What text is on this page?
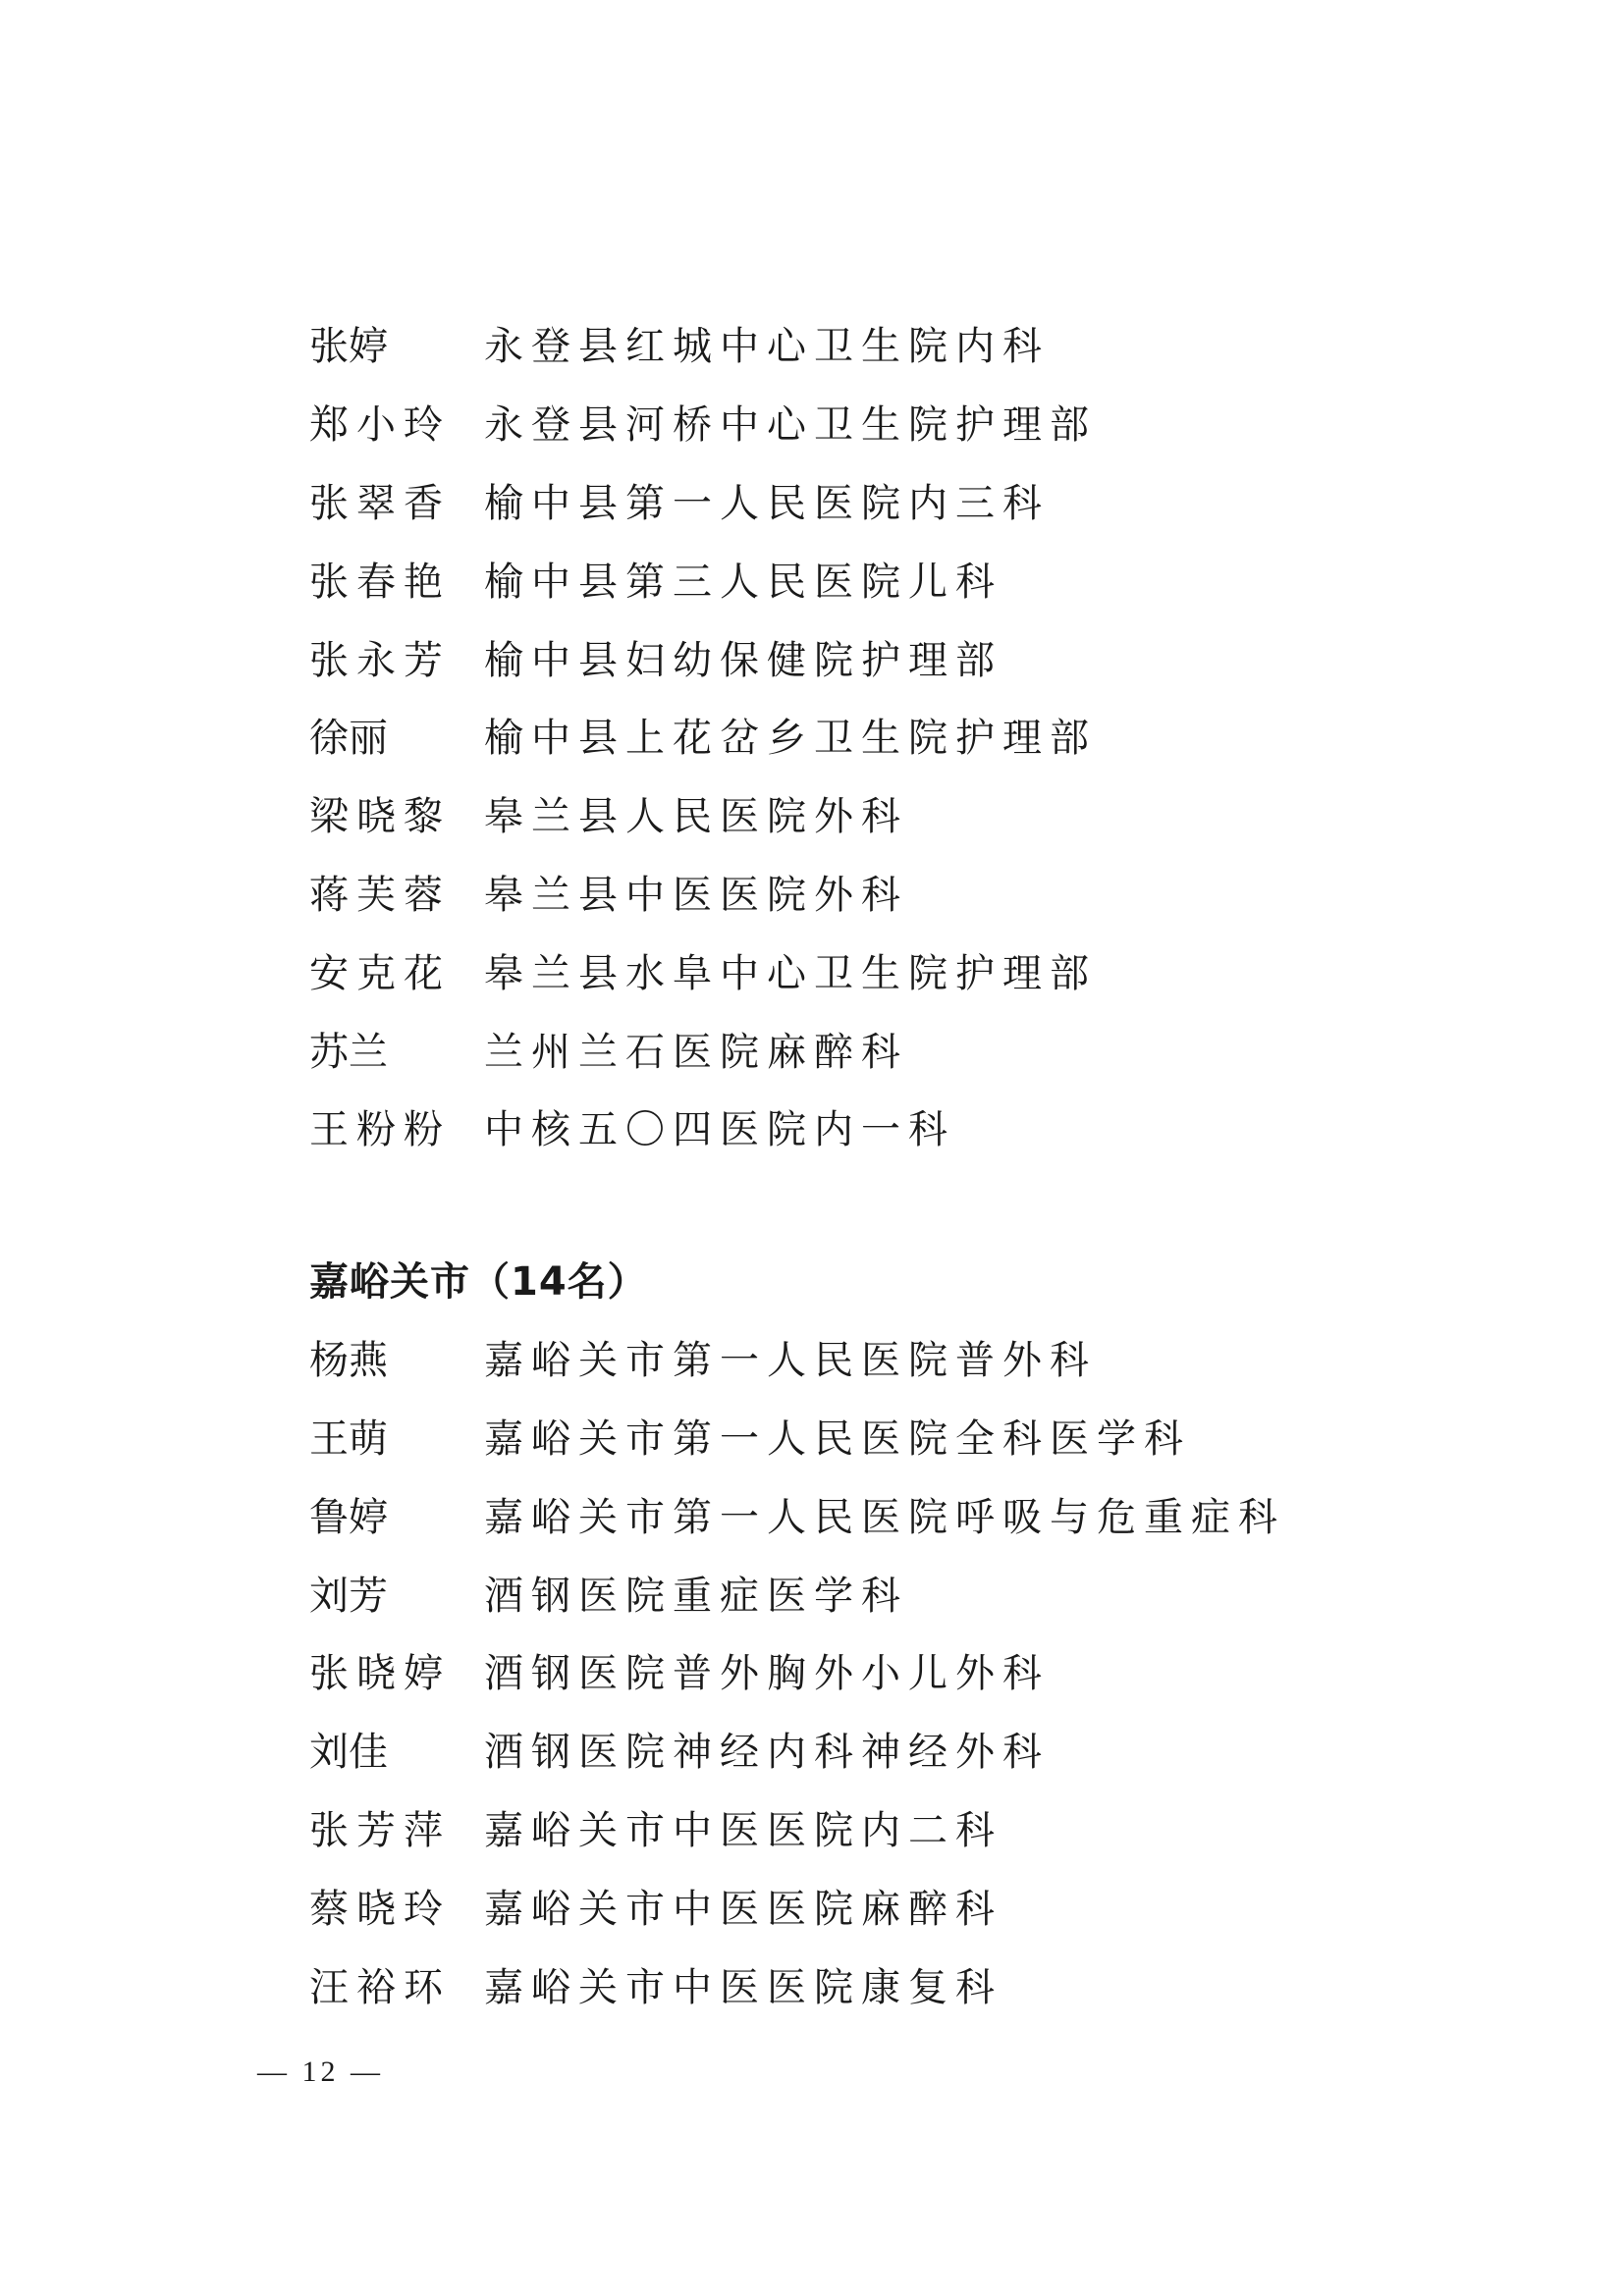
张婷	永登县红城中心卫生院内科
郑小玲 永登县河桥中心卫生院护理部
张翠香 榆中县第一人民医院内三科
张春艳 榆中县第三人民医院儿科
张永芳 榆中县妇幼保健院护理部
徐丽	榆中县上花岔乡卫生院护理部
梁晓黎 皋兰县人民医院外科
蒋芙蓉 皋兰县中医医院外科
安克花 皋兰县水阜中心卫生院护理部
苏兰	兰州兰石医院麻醉科
王粉粉 中核五〇四医院内一科
嘉峪关市（14名）
杨燕	嘉峪关市第一人民医院普外科
王萌	嘉峪关市第一人民医院全科医学科
鲁婷	嘉峪关市第一人民医院呼吸与危重症科
刘芳	酒钢医院重症医学科
张晓婷 酒钢医院普外胸外小儿外科
刘佳	酒钢医院神经内科神经外科
张芳萍 嘉峪关市中医医院内二科
蔡晓玲 嘉峪关市中医医院麻醉科
汪裕环 嘉峪关市中医医院康复科
— 12 —
